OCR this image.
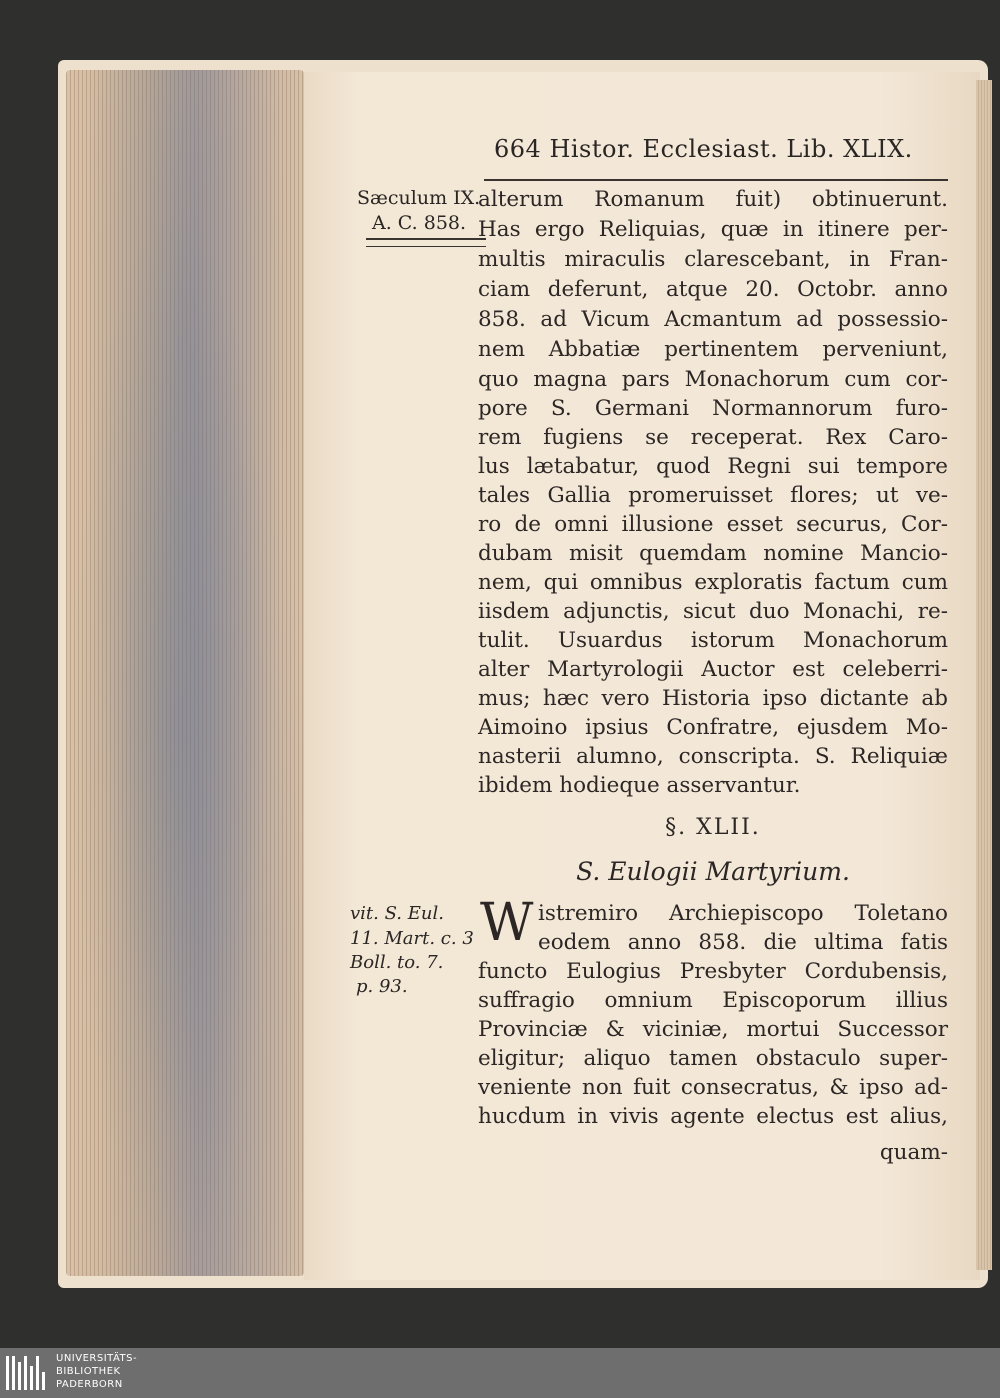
664 Histor. Ecclesiast. Lib. XLIX.
Sæculum IX.
A. C. 858.
vit. S. Eul.
11. Mart. c. 3
Boll. to. 7.
p. 93.
alterum Romanum fuit) obtinuerunt.
Has ergo Reliquias, quæ in itinere per-
multis miraculis clarescebant, in Fran-
ciam deferunt, atque 20. Octobr. anno
858. ad Vicum Acmantum ad possessio-
nem Abbatiæ pertinentem perveniunt,
quo magna pars Monachorum cum cor-
pore S. Germani Normannorum furo-
rem fugiens se receperat. Rex Caro-
lus lætabatur, quod Regni sui tempore
tales Gallia promeruisset flores; ut ve-
ro de omni illusione esset securus, Cor-
dubam misit quemdam nomine Mancio-
nem, qui omnibus exploratis factum cum
iisdem adjunctis, sicut duo Monachi, re-
tulit. Usuardus istorum Monachorum
alter Martyrologii Auctor est celeberri-
mus; hæc vero Historia ipso dictante ab
Aimoino ipsius Confratre, ejusdem Mo-
nasterii alumno, conscripta. S. Reliquiæ
ibidem hodieque asservantur.
§. XLII.
S. Eulogii Martyrium.
W istremiro Archiepiscopo Toletano
eodem anno 858. die ultima fatis
functo Eulogius Presbyter Cordubensis,
suffragio omnium Episcoporum illius
Provinciæ & viciniæ, mortui Successor
eligitur; aliquo tamen obstaculo super-
veniente non fuit consecratus, & ipso ad-
hucdum in vivis agente electus est alius,
quam-
UNIVERSITÄTS-
BIBLIOTHEK
PADERBORN
